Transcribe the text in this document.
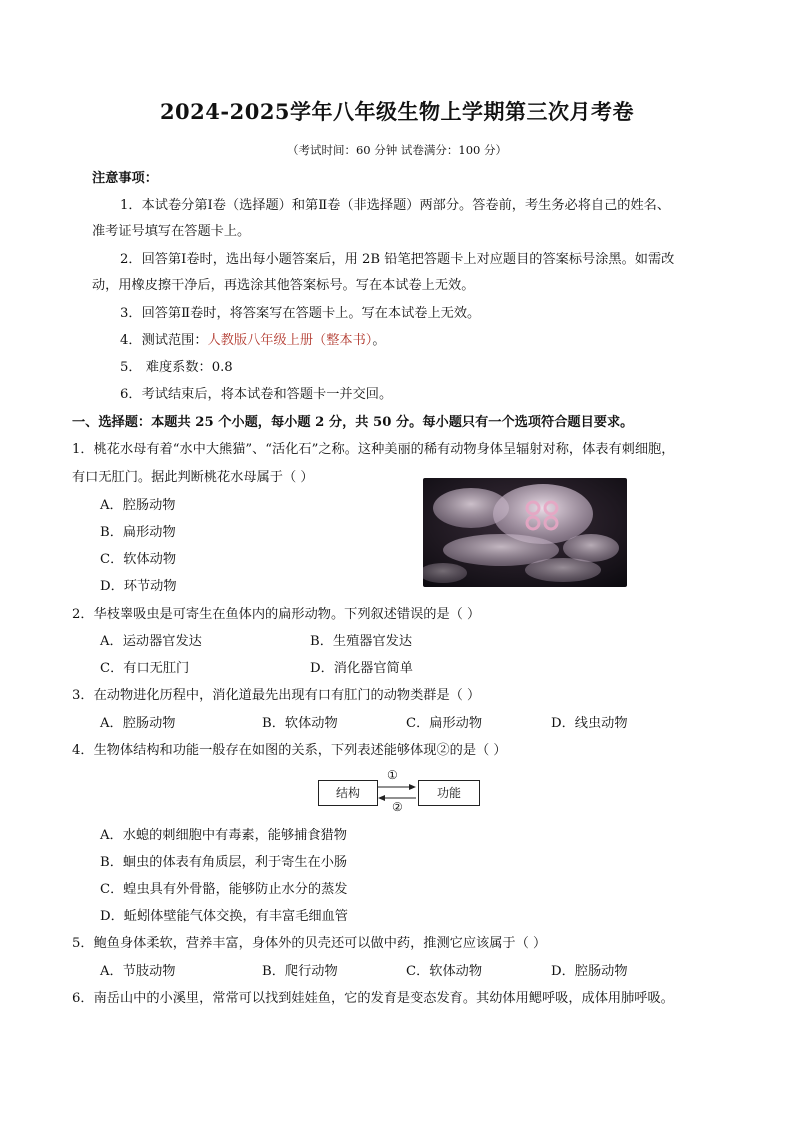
2024-2025学年八年级生物上学期第三次月考卷
（考试时间：60 分钟 试卷满分：100 分）
注意事项：
1．本试卷分第Ⅰ卷（选择题）和第Ⅱ卷（非选择题）两部分。答卷前，考生务必将自己的姓名、
准考证号填写在答题卡上。
2．回答第Ⅰ卷时，选出每小题答案后，用 2B 铅笔把答题卡上对应题目的答案标号涂黑。如需改
动，用橡皮擦干净后，再选涂其他答案标号。写在本试卷上无效。
3．回答第Ⅱ卷时，将答案写在答题卡上。写在本试卷上无效。
4．测试范围：人教版八年级上册（整本书）。
5． 难度系数：0.8
6．考试结束后，将本试卷和答题卡一并交回。
一、选择题：本题共 25 个小题，每小题 2 分，共 50 分。每小题只有一个选项符合题目要求。
1．桃花水母有着“水中大熊猫”、“活化石”之称。这种美丽的稀有动物身体呈辐射对称，体表有刺细胞，
有口无肛门。据此判断桃花水母属于（ ）
A．腔肠动物
B．扁形动物
C．软体动物
D．环节动物
2．华枝睾吸虫是可寄生在鱼体内的扁形动物。下列叙述错误的是（ ）
A．运动器官发达	B．生殖器官发达
C．有口无肛门	D．消化器官简单
3．在动物进化历程中，消化道最先出现有口有肛门的动物类群是（ ）
A．腔肠动物	B．软体动物	C．扁形动物	D．线虫动物
4．生物体结构和功能一般存在如图的关系，下列表述能够体现②的是（ ）
结构	功能
①
②
A．水螅的刺细胞中有毒素，能够捕食猎物
B．蛔虫的体表有角质层，利于寄生在小肠
C．蝗虫具有外骨骼，能够防止水分的蒸发
D．蚯蚓体壁能气体交换，有丰富毛细血管
5．鲍鱼身体柔软，营养丰富，身体外的贝壳还可以做中药，推测它应该属于（ ）
A．节肢动物	B．爬行动物	C．软体动物	D．腔肠动物
6．南岳山中的小溪里，常常可以找到娃娃鱼，它的发育是变态发育。其幼体用鳃呼吸，成体用肺呼吸。
